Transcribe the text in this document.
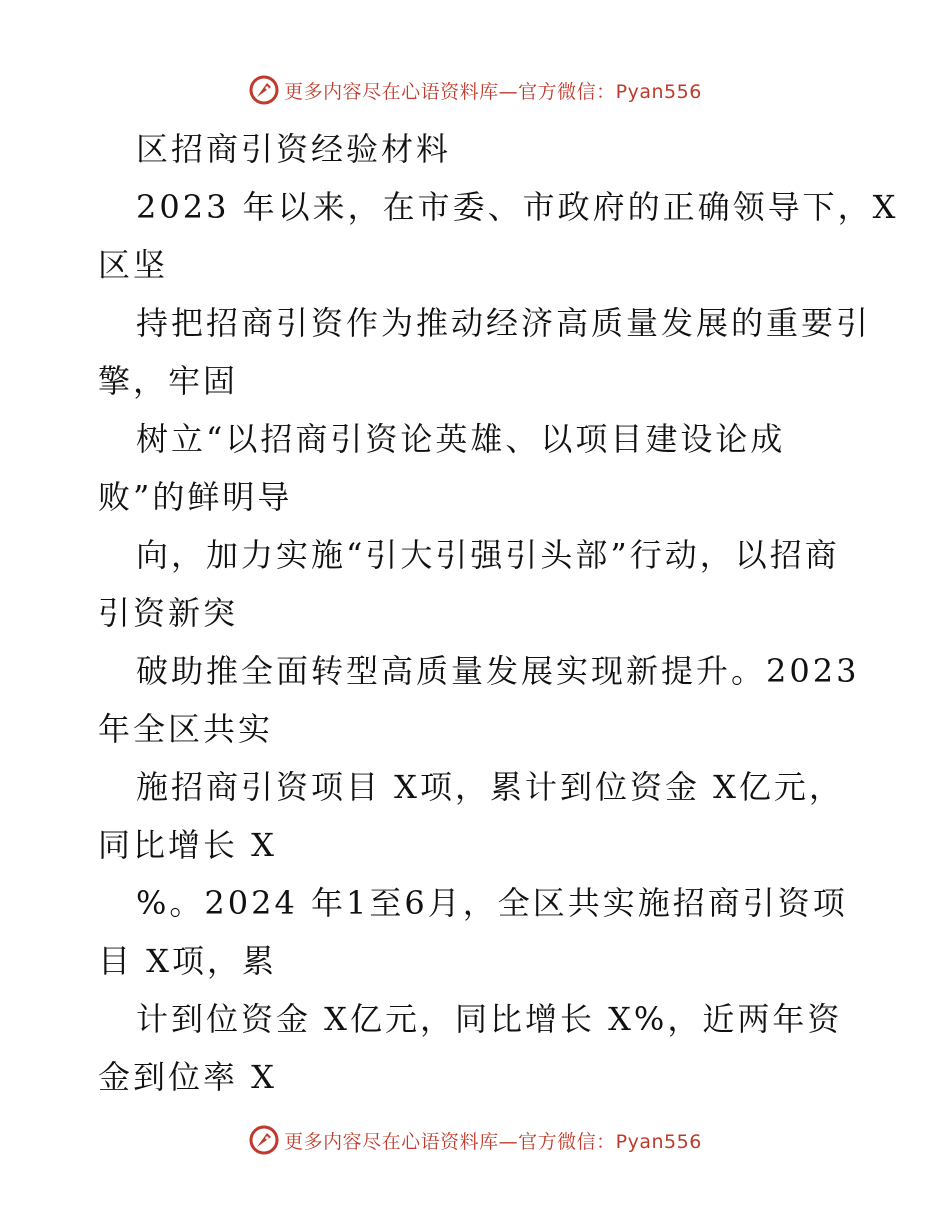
更多内容尽在心语资料库—官方微信：Pyan556
区招商引资经验材料
2023 年以来，在市委、市政府的正确领导下，X
区坚
持把招商引资作为推动经济高质量发展的重要引
擎，牢固
树立“以招商引资论英雄、以项目建设论成
败”的鲜明导
向，加力实施“引大引强引头部”行动，以招商
引资新突
破助推全面转型高质量发展实现新提升。2023
年全区共实
施招商引资项目 X项，累计到位资金 X亿元，
同比增长 X
%。2024 年1至6月，全区共实施招商引资项
目 X项，累
计到位资金 X亿元，同比增长 X%，近两年资
金到位率 X
更多内容尽在心语资料库—官方微信：Pyan556
